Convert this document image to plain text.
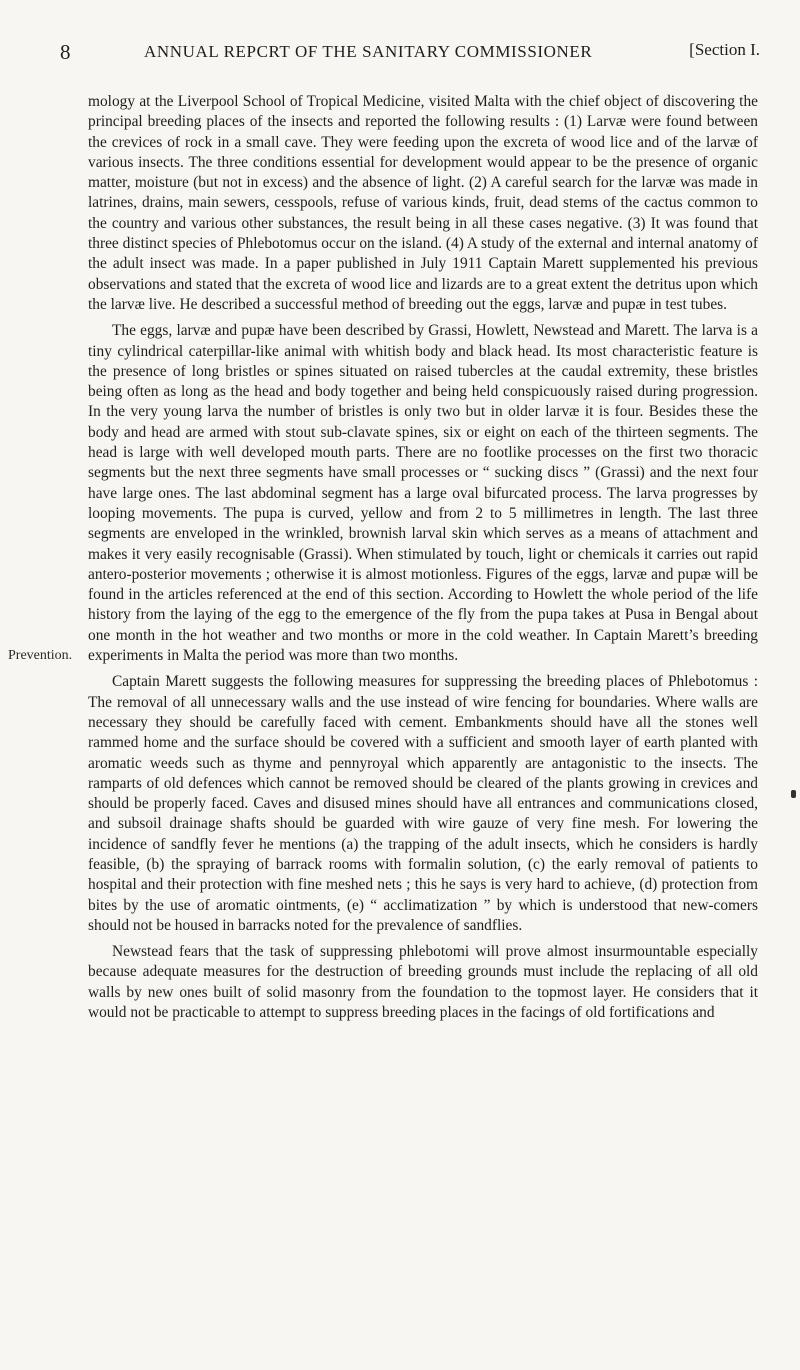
8	ANNUAL REPCRT OF THE SANITARY COMMISSIONER	[Section I.
Prevention.

mology at the Liverpool School of Tropical Medicine, visited Malta with the chief object of discovering the principal breeding places of the insects and reported the following results : (1) Larvæ were found between the crevices of rock in a small cave. They were feeding upon the excreta of wood lice and of the larvæ of various insects. The three conditions essential for development would appear to be the presence of organic matter, moisture (but not in excess) and the absence of light. (2) A careful search for the larvæ was made in latrines, drains, main sewers, cesspools, refuse of various kinds, fruit, dead stems of the cactus common to the country and various other substances, the result being in all these cases negative. (3) It was found that three distinct species of Phlebotomus occur on the island. (4) A study of the external and internal anatomy of the adult insect was made. In a paper published in July 1911 Captain Marett supplemented his previous observations and stated that the excreta of wood lice and lizards are to a great extent the detritus upon which the larvæ live. He described a successful method of breeding out the eggs, larvæ and pupæ in test tubes.

The eggs, larvæ and pupæ have been described by Grassi, Howlett, Newstead and Marett. The larva is a tiny cylindrical caterpillar-like animal with whitish body and black head. Its most characteristic feature is the presence of long bristles or spines situated on raised tubercles at the caudal extremity, these bristles being often as long as the head and body together and being held conspicuously raised during progression. In the very young larva the number of bristles is only two but in older larvæ it is four. Besides these the body and head are armed with stout sub-clavate spines, six or eight on each of the thirteen segments. The head is large with well developed mouth parts. There are no footlike processes on the first two thoracic segments but the next three segments have small processes or “ sucking discs ” (Grassi) and the next four have large ones. The last abdominal segment has a large oval bifurcated process. The larva progresses by looping movements. The pupa is curved, yellow and from 2 to 5 millimetres in length. The last three segments are enveloped in the wrinkled, brownish larval skin which serves as a means of attachment and makes it very easily recognisable (Grassi). When stimulated by touch, light or chemicals it carries out rapid antero-posterior movements ; otherwise it is almost motionless. Figures of the eggs, larvæ and pupæ will be found in the articles referenced at the end of this section. According to Howlett the whole period of the life history from the laying of the egg to the emergence of the fly from the pupa takes at Pusa in Bengal about one month in the hot weather and two months or more in the cold weather. In Captain Marett’s breeding experiments in Malta the period was more than two months.

Captain Marett suggests the following measures for suppressing the breeding places of Phlebotomus : The removal of all unnecessary walls and the use instead of wire fencing for boundaries. Where walls are necessary they should be carefully faced with cement. Embankments should have all the stones well rammed home and the surface should be covered with a sufficient and smooth layer of earth planted with aromatic weeds such as thyme and pennyroyal which apparently are antagonistic to the insects. The ramparts of old defences which cannot be removed should be cleared of the plants growing in crevices and should be properly faced. Caves and disused mines should have all entrances and communications closed, and subsoil drainage shafts should be guarded with wire gauze of very fine mesh. For lowering the incidence of sandfly fever he mentions (a) the trapping of the adult insects, which he considers is hardly feasible, (b) the spraying of barrack rooms with formalin solution, (c) the early removal of patients to hospital and their protection with fine meshed nets ; this he says is very hard to achieve, (d) protection from bites by the use of aromatic ointments, (e) “ acclimatization ” by which is understood that new-comers should not be housed in barracks noted for the prevalence of sandflies.

Newstead fears that the task of suppressing phlebotomi will prove almost insurmountable especially because adequate measures for the destruction of breeding grounds must include the replacing of all old walls by new ones built of solid masonry from the foundation to the topmost layer. He considers that it would not be practicable to attempt to suppress breeding places in the facings of old fortifications and
